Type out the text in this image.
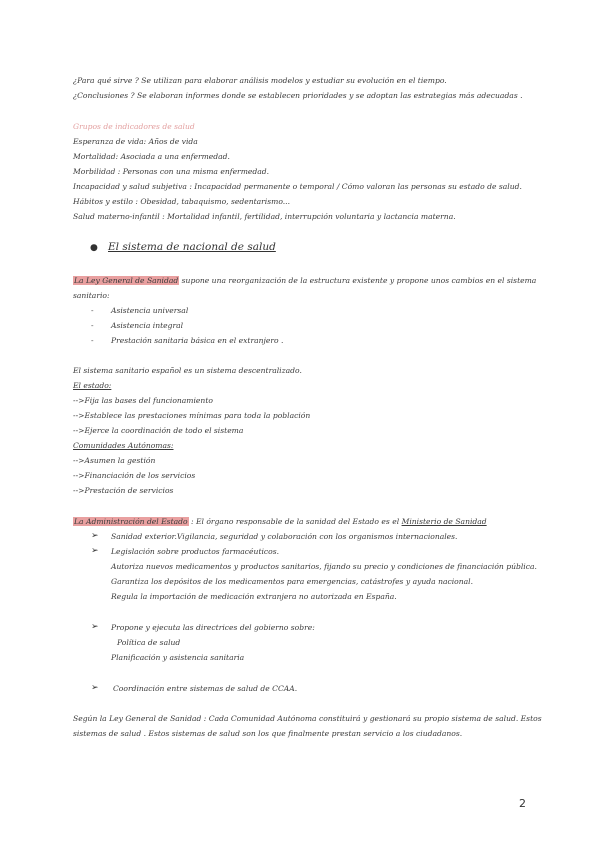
¿Para qué sirve ? Se utilizan para elaborar análisis modelos y estudiar su evolución en el tiempo.
¿Conclusiones ? Se elaboran informes donde se establecen prioridades y se adoptan las estrategias más adecuadas .
Grupos de indicadores de salud
Esperanza de vida: Años de vida
Mortalidad: Asociada a una enfermedad.
Morbilidad : Personas con una misma enfermedad.
Incapacidad y salud subjetiva : Incapacidad permanente o temporal / Cómo valoran las personas su estado de salud.
Hábitos y estilo : Obesidad, tabaquismo, sedentarismo...
Salud materno-infantil : Mortalidad infantil, fertilidad, interrupción voluntaria y lactancia materna.
● El sistema de nacional de salud
La Ley General de Sanidad supone una reorganización de la estructura existente y propone unos cambios en el sistema
sanitario:
- Asistencia universal
- Asistencia integral
- Prestación sanitaria básica en el extranjero .
El sistema sanitario español es un sistema descentralizado.
El estado:
-->Fija las bases del funcionamiento
-->Establece las prestaciones mínimas para toda la población
-->Ejerce la coordinación de todo el sistema
Comunidades Autónomas:
-->Asumen la gestión
-->Financiación de los servicios
-->Prestación de servicios
La Administración del Estado : El órgano responsable de la sanidad del Estado es el Ministerio de Sanidad
➢ Sanidad exterior.Vigilancia, seguridad y colaboración con los organismos internacionales.
➢ Legislación sobre productos farmacéuticos.
Autoriza nuevos medicamentos y productos sanitarios, fijando su precio y condiciones de financiación pública.
Garantiza los depósitos de los medicamentos para emergencias, catástrofes y ayuda nacional.
Regula la importación de medicación extranjera no autorizada en España.
➢ Propone y ejecuta las directrices del gobierno sobre:
Política de salud
Planificación y asistencia sanitaria
➢ Coordinación entre sistemas de salud de CCAA.
Según la Ley General de Sanidad : Cada Comunidad Autónoma constituirá y gestionará su propio sistema de salud. Estos
sistemas de salud . Estos sistemas de salud son los que finalmente prestan servicio a los ciudadanos.
2
